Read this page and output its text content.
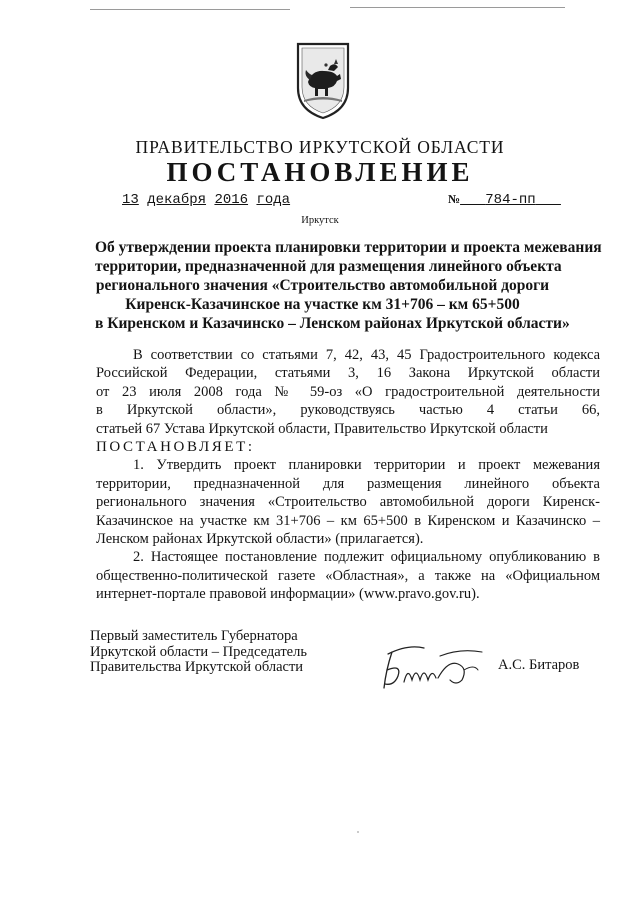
ПРАВИТЕЛЬСТВО ИРКУТСКОЙ ОБЛАСТИ
ПОСТАНОВЛЕНИЕ
13 декабря 2016 года	№ 784-пп
Иркутск
Об утверждении проекта планировки территории и проекта межевания
территории, предназначенной для размещения линейного объекта
регионального значения «Строительство автомобильной дороги
Киренск-Казачинское на участке км 31+706 – км 65+500
в Киренском и Казачинско – Ленском районах Иркутской области»
В соответствии со статьями 7, 42, 43, 45 Градостроительного кодекса
Российской Федерации, статьями 3, 16 Закона Иркутской области
от 23 июля 2008 года № 59-оз «О градостроительной деятельности
в Иркутской области», руководствуясь частью 4 статьи 66,
статьей 67 Устава Иркутской области, Правительство Иркутской области
ПОСТАНОВЛЯЕТ:
1. Утвердить проект планировки территории и проект межевания
территории, предназначенной для размещения линейного объекта
регионального значения «Строительство автомобильной дороги Киренск-
Казачинское на участке км 31+706 – км 65+500 в Киренском и Казачинско –
Ленском районах Иркутской области» (прилагается).
2. Настоящее постановление подлежит официальному опубликованию в
общественно-политической газете «Областная», а также на «Официальном
интернет-портале правовой информации» (www.pravo.gov.ru).
Первый заместитель Губернатора
Иркутской области – Председатель
Правительства Иркутской области	А.С. Битаров
